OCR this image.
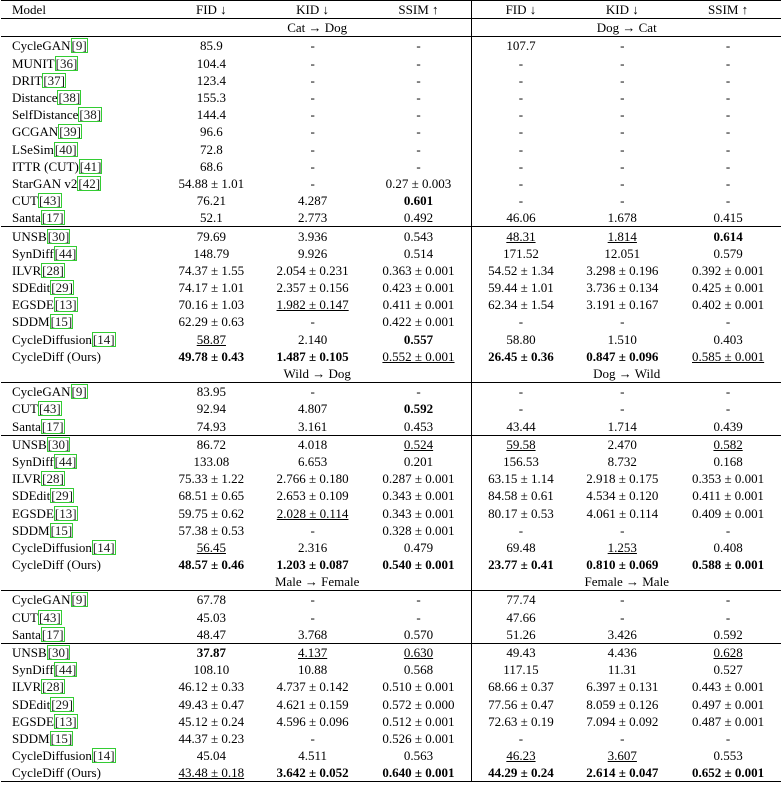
Model	FID ↓	KID ↓	SSIM ↑	FID ↓	KID ↓	SSIM ↑
	Cat → Dog			Dog → Cat		
CycleGAN[9]	85.9	-	-	107.7	-	-
MUNIT[36]	104.4	-	-	-	-	-
DRIT[37]	123.4	-	-	-	-	-
Distance[38]	155.3	-	-	-	-	-
SelfDistance[38]	144.4	-	-	-	-	-
GCGAN[39]	96.6	-	-	-	-	-
LSeSim[40]	72.8	-	-	-	-	-
ITTR (CUT)[41]	68.6	-	-	-	-	-
StarGAN v2[42]	54.88 ± 1.01	-	0.27 ± 0.003	-	-	-
CUT[43]	76.21	4.287	0.601	-	-	-
Santa[17]	52.1	2.773	0.492	46.06	1.678	0.415
UNSB[30]	79.69	3.936	0.543	48.31	1.814	0.614
SynDiff[44]	148.79	9.926	0.514	171.52	12.051	0.579
ILVR[28]	74.37 ± 1.55	2.054 ± 0.231	0.363 ± 0.001	54.52 ± 1.34	3.298 ± 0.196	0.392 ± 0.001
SDEdit[29]	74.17 ± 1.01	2.357 ± 0.156	0.423 ± 0.001	59.44 ± 1.01	3.736 ± 0.134	0.425 ± 0.001
EGSDE[13]	70.16 ± 1.03	1.982 ± 0.147	0.411 ± 0.001	62.34 ± 1.54	3.191 ± 0.167	0.402 ± 0.001
SDDM[15]	62.29 ± 0.63	-	0.422 ± 0.001	-	-	-
CycleDiffusion[14]	58.87	2.140	0.557	58.80	1.510	0.403
CycleDiff (Ours)	49.78 ± 0.43	1.487 ± 0.105	0.552 ± 0.001	26.45 ± 0.36	0.847 ± 0.096	0.585 ± 0.001
	Wild → Dog			Dog → Wild		
CycleGAN[9]	83.95	-	-	-	-	-
CUT[43]	92.94	4.807	0.592	-	-	-
Santa[17]	74.93	3.161	0.453	43.44	1.714	0.439
UNSB[30]	86.72	4.018	0.524	59.58	2.470	0.582
SynDiff[44]	133.08	6.653	0.201	156.53	8.732	0.168
ILVR[28]	75.33 ± 1.22	2.766 ± 0.180	0.287 ± 0.001	63.15 ± 1.14	2.918 ± 0.175	0.353 ± 0.001
SDEdit[29]	68.51 ± 0.65	2.653 ± 0.109	0.343 ± 0.001	84.58 ± 0.61	4.534 ± 0.120	0.411 ± 0.001
EGSDE[13]	59.75 ± 0.62	2.028 ± 0.114	0.343 ± 0.001	80.17 ± 0.53	4.061 ± 0.114	0.409 ± 0.001
SDDM[15]	57.38 ± 0.53	-	0.328 ± 0.001	-	-	-
CycleDiffusion[14]	56.45	2.316	0.479	69.48	1.253	0.408
CycleDiff (Ours)	48.57 ± 0.46	1.203 ± 0.087	0.540 ± 0.001	23.77 ± 0.41	0.810 ± 0.069	0.588 ± 0.001
	Male → Female			Female → Male		
CycleGAN[9]	67.78	-	-	77.74	-	-
CUT[43]	45.03	-	-	47.66	-	-
Santa[17]	48.47	3.768	0.570	51.26	3.426	0.592
UNSB[30]	37.87	4.137	0.630	49.43	4.436	0.628
SynDiff[44]	108.10	10.88	0.568	117.15	11.31	0.527
ILVR[28]	46.12 ± 0.33	4.737 ± 0.142	0.510 ± 0.001	68.66 ± 0.37	6.397 ± 0.131	0.443 ± 0.001
SDEdit[29]	49.43 ± 0.47	4.621 ± 0.159	0.572 ± 0.000	77.56 ± 0.47	8.059 ± 0.126	0.497 ± 0.001
EGSDE[13]	45.12 ± 0.24	4.596 ± 0.096	0.512 ± 0.001	72.63 ± 0.19	7.094 ± 0.092	0.487 ± 0.001
SDDM[15]	44.37 ± 0.23	-	0.526 ± 0.001	-	-	-
CycleDiffusion[14]	45.04	4.511	0.563	46.23	3.607	0.553
CycleDiff (Ours)	43.48 ± 0.18	3.642 ± 0.052	0.640 ± 0.001	44.29 ± 0.24	2.614 ± 0.047	0.652 ± 0.001
